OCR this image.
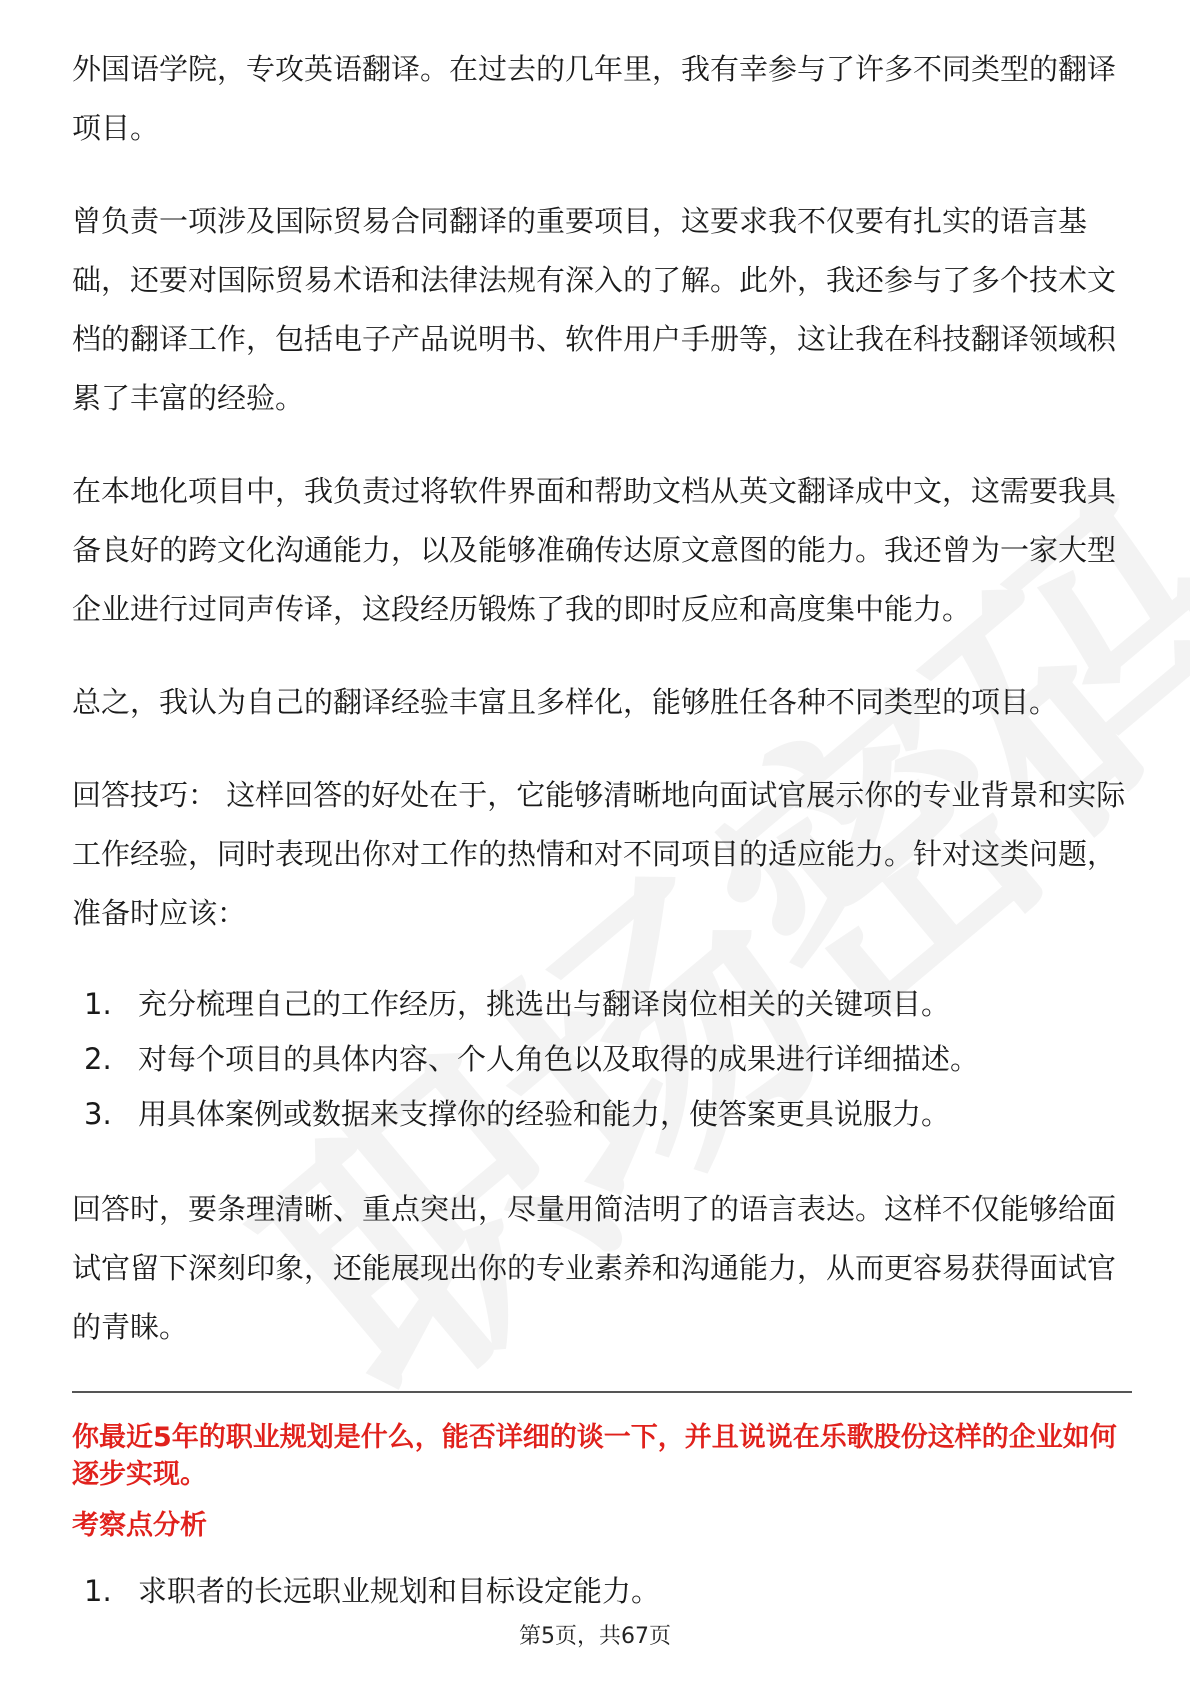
外国语学院，专攻英语翻译。在过去的几年里，我有幸参与了许多不同类型的翻译项目。

曾负责一项涉及国际贸易合同翻译的重要项目，这要求我不仅要有扎实的语言基础，还要对国际贸易术语和法律法规有深入的了解。此外，我还参与了多个技术文档的翻译工作，包括电子产品说明书、软件用户手册等，这让我在科技翻译领域积累了丰富的经验。

在本地化项目中，我负责过将软件界面和帮助文档从英文翻译成中文，这需要我具备良好的跨文化沟通能力，以及能够准确传达原文意图的能力。我还曾为一家大型企业进行过同声传译，这段经历锻炼了我的即时反应和高度集中能力。

总之，我认为自己的翻译经验丰富且多样化，能够胜任各种不同类型的项目。

回答技巧： 这样回答的好处在于，它能够清晰地向面试官展示你的专业背景和实际工作经验，同时表现出你对工作的热情和对不同项目的适应能力。针对这类问题，准备时应该：

1. 充分梳理自己的工作经历，挑选出与翻译岗位相关的关键项目。
2. 对每个项目的具体内容、个人角色以及取得的成果进行详细描述。
3. 用具体案例或数据来支撑你的经验和能力，使答案更具说服力。

回答时，要条理清晰、重点突出，尽量用简洁明了的语言表达。这样不仅能够给面试官留下深刻印象，还能展现出你的专业素养和沟通能力，从而更容易获得面试官的青睐。

你最近5年的职业规划是什么，能否详细的谈一下，并且说说在乐歌股份这样的企业如何逐步实现。
考察点分析
1. 求职者的长远职业规划和目标设定能力。
第5页，共67页
